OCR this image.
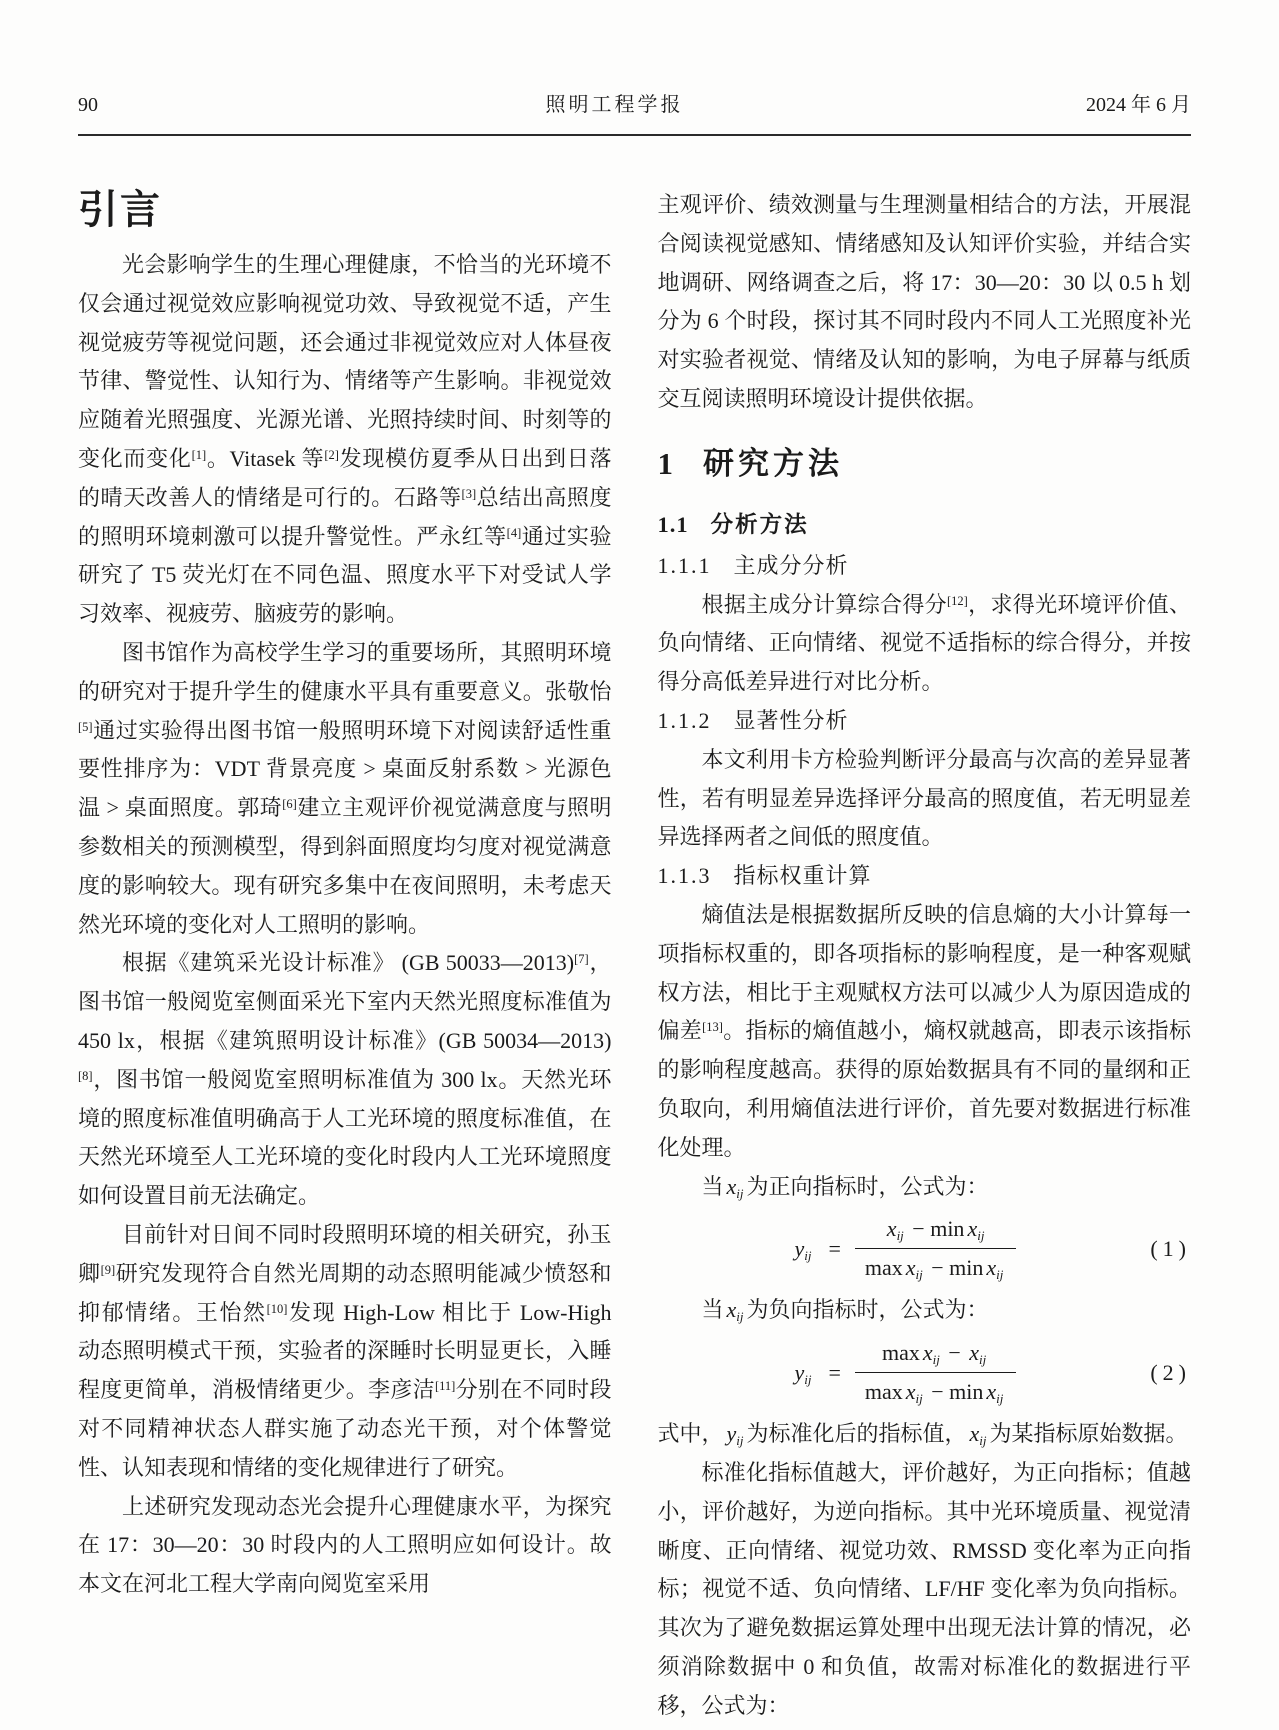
90	照明工程学报	2024 年 6 月
引言

光会影响学生的生理心理健康，不恰当的光环境不仅会通过视觉效应影响视觉功效、导致视觉不适，产生视觉疲劳等视觉问题，还会通过非视觉效应对人体昼夜节律、警觉性、认知行为、情绪等产生影响。非视觉效应随着光照强度、光源光谱、光照持续时间、时刻等的变化而变化[1]。Vitasek 等[2]发现模仿夏季从日出到日落的晴天改善人的情绪是可行的。石路等[3]总结出高照度的照明环境刺激可以提升警觉性。严永红等[4]通过实验研究了 T5 荧光灯在不同色温、照度水平下对受试人学习效率、视疲劳、脑疲劳的影响。

图书馆作为高校学生学习的重要场所，其照明环境的研究对于提升学生的健康水平具有重要意义。张敬怡[5]通过实验得出图书馆一般照明环境下对阅读舒适性重要性排序为：VDT 背景亮度 > 桌面反射系数 > 光源色温 > 桌面照度。郭琦[6]建立主观评价视觉满意度与照明参数相关的预测模型，得到斜面照度均匀度对视觉满意度的影响较大。现有研究多集中在夜间照明，未考虑天然光环境的变化对人工照明的影响。

根据《建筑采光设计标准》 (GB 50033—2013)[7]，图书馆一般阅览室侧面采光下室内天然光照度标准值为 450 lx，根据《建筑照明设计标准》(GB 50034—2013)[8]，图书馆一般阅览室照明标准值为 300 lx。天然光环境的照度标准值明确高于人工光环境的照度标准值，在天然光环境至人工光环境的变化时段内人工光环境照度如何设置目前无法确定。

目前针对日间不同时段照明环境的相关研究，孙玉卿[9]研究发现符合自然光周期的动态照明能减少愤怒和抑郁情绪。王怡然[10]发现 High-Low 相比于 Low-High 动态照明模式干预，实验者的深睡时长明显更长，入睡程度更简单，消极情绪更少。李彦洁[11]分别在不同时段对不同精神状态人群实施了动态光干预，对个体警觉性、认知表现和情绪的变化规律进行了研究。

上述研究发现动态光会提升心理健康水平，为探究在 17：30—20：30 时段内的人工照明应如何设计。故本文在河北工程大学南向阅览室采用

主观评价、绩效测量与生理测量相结合的方法，开展混合阅读视觉感知、情绪感知及认知评价实验，并结合实地调研、网络调查之后，将 17：30—20：30 以 0.5 h 划分为 6 个时段，探讨其不同时段内不同人工光照度补光对实验者视觉、情绪及认知的影响，为电子屏幕与纸质交互阅读照明环境设计提供依据。

1 研究方法
1.1 分析方法
1.1.1 主成分分析

根据主成分计算综合得分[12]，求得光环境评价值、负向情绪、正向情绪、视觉不适指标的综合得分，并按得分高低差异进行对比分析。

1.1.2 显著性分析

本文利用卡方检验判断评分最高与次高的差异显著性，若有明显差异选择评分最高的照度值，若无明显差异选择两者之间低的照度值。

1.1.3 指标权重计算

熵值法是根据数据所反映的信息熵的大小计算每一项指标权重的，即各项指标的影响程度，是一种客观赋权方法，相比于主观赋权方法可以减少人为原因造成的偏差[13]。指标的熵值越小，熵权就越高，即表示该指标的影响程度越高。获得的原始数据具有不同的量纲和正负取向，利用熵值法进行评价，首先要对数据进行标准化处理。

当 $x_{ij}$ 为正向指标时，公式为：

$y_{ij} = \frac{x_{ij} - \min x_{ij}}{\max x_{ij} - \min x_{ij}}$	(1)

当 $x_{ij}$ 为负向指标时，公式为：

$y_{ij} = \frac{\max x_{ij} - x_{ij}}{\max x_{ij} - \min x_{ij}}$	(2)

式中， $y_{ij}$ 为标准化后的指标值， $x_{ij}$ 为某指标原始数据。

标准化指标值越大，评价越好，为正向指标；值越小，评价越好，为逆向指标。其中光环境质量、视觉清晰度、正向情绪、视觉功效、RMSSD 变化率为正向指标；视觉不适、负向情绪、LF/HF 变化率为负向指标。其次为了避免数据运算处理中出现无法计算的情况，必须消除数据中 0 和负值，故需对标准化的数据进行平移，公式为：
